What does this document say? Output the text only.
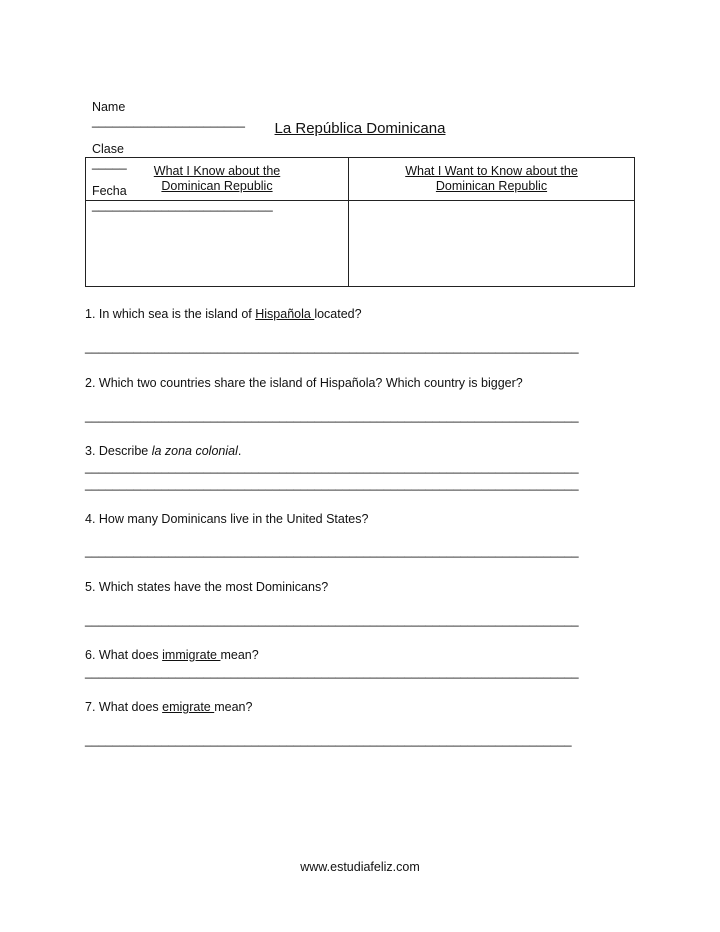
Name
______________________

Clase
_____

Fecha
__________________________

La República Dominicana
What I Know about the
Dominican Republic
What I Want to Know about the
Dominican Republic
1. In which sea is the island of Hispañola located?
_______________________________________________________________________
2. Which two countries share the island of Hispañola? Which country is bigger?
_______________________________________________________________________
3. Describe la zona colonial.
_______________________________________________________________________
_______________________________________________________________________
4. How many Dominicans live in the United States?
_______________________________________________________________________
5. Which states have the most Dominicans?
_______________________________________________________________________
6. What does immigrate mean?
_______________________________________________________________________
7. What does emigrate mean?
______________________________________________________________________
www.estudiafeliz.com
